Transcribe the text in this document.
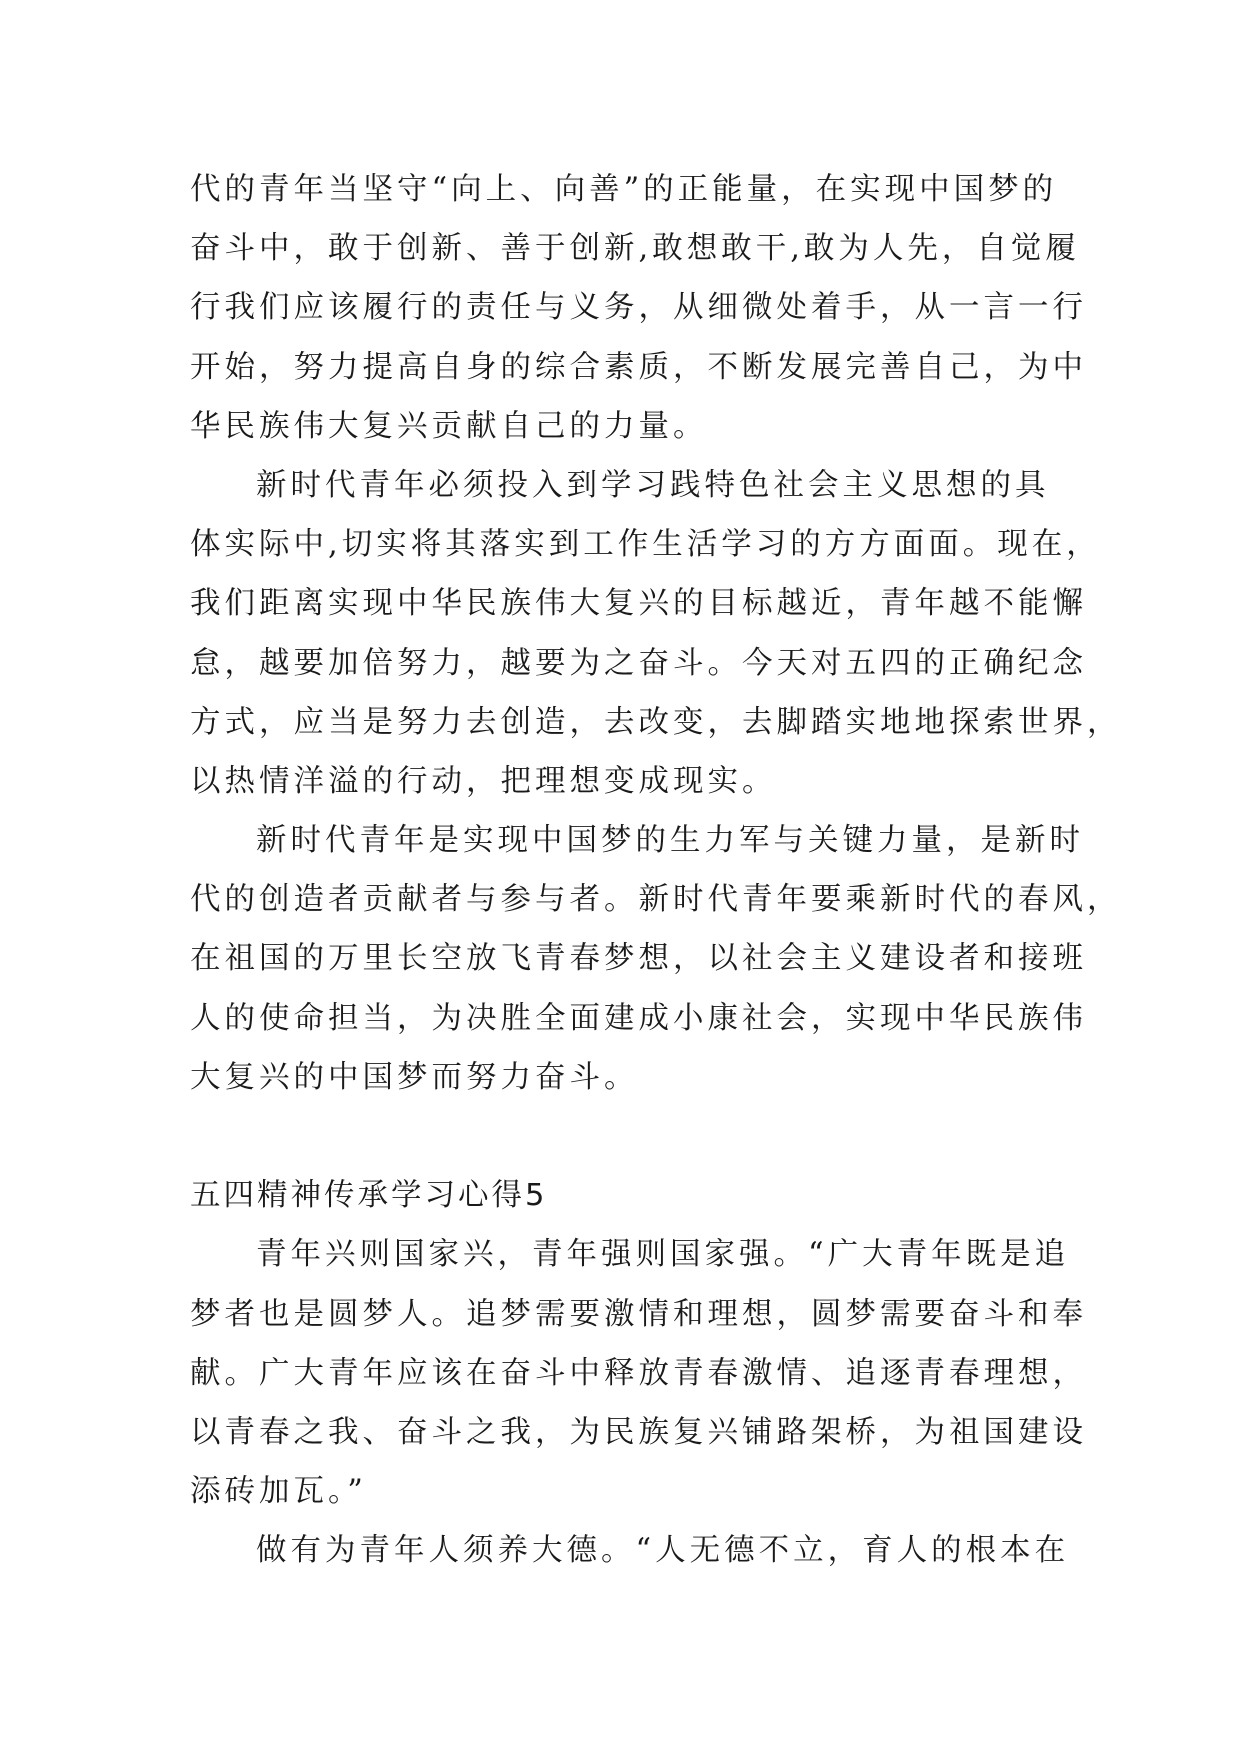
代的青年当坚守“向上、向善”的正能量，在实现中国梦的
奋斗中，敢于创新、善于创新,敢想敢干,敢为人先，自觉履
行我们应该履行的责任与义务，从细微处着手，从一言一行
开始，努力提高自身的综合素质，不断发展完善自己，为中
华民族伟大复兴贡献自己的力量。
新时代青年必须投入到学习践特色社会主义思想的具
体实际中,切实将其落实到工作生活学习的方方面面。现在，
我们距离实现中华民族伟大复兴的目标越近，青年越不能懈
怠，越要加倍努力，越要为之奋斗。今天对五四的正确纪念
方式，应当是努力去创造，去改变，去脚踏实地地探索世界，
以热情洋溢的行动，把理想变成现实。
新时代青年是实现中国梦的生力军与关键力量，是新时
代的创造者贡献者与参与者。新时代青年要乘新时代的春风，
在祖国的万里长空放飞青春梦想，以社会主义建设者和接班
人的使命担当，为决胜全面建成小康社会，实现中华民族伟
大复兴的中国梦而努力奋斗。
五四精神传承学习心得5
青年兴则国家兴，青年强则国家强。“广大青年既是追
梦者也是圆梦人。追梦需要激情和理想，圆梦需要奋斗和奉
献。广大青年应该在奋斗中释放青春激情、追逐青春理想，
以青春之我、奋斗之我，为民族复兴铺路架桥，为祖国建设
添砖加瓦。”
做有为青年人须养大德。“人无德不立，育人的根本在
